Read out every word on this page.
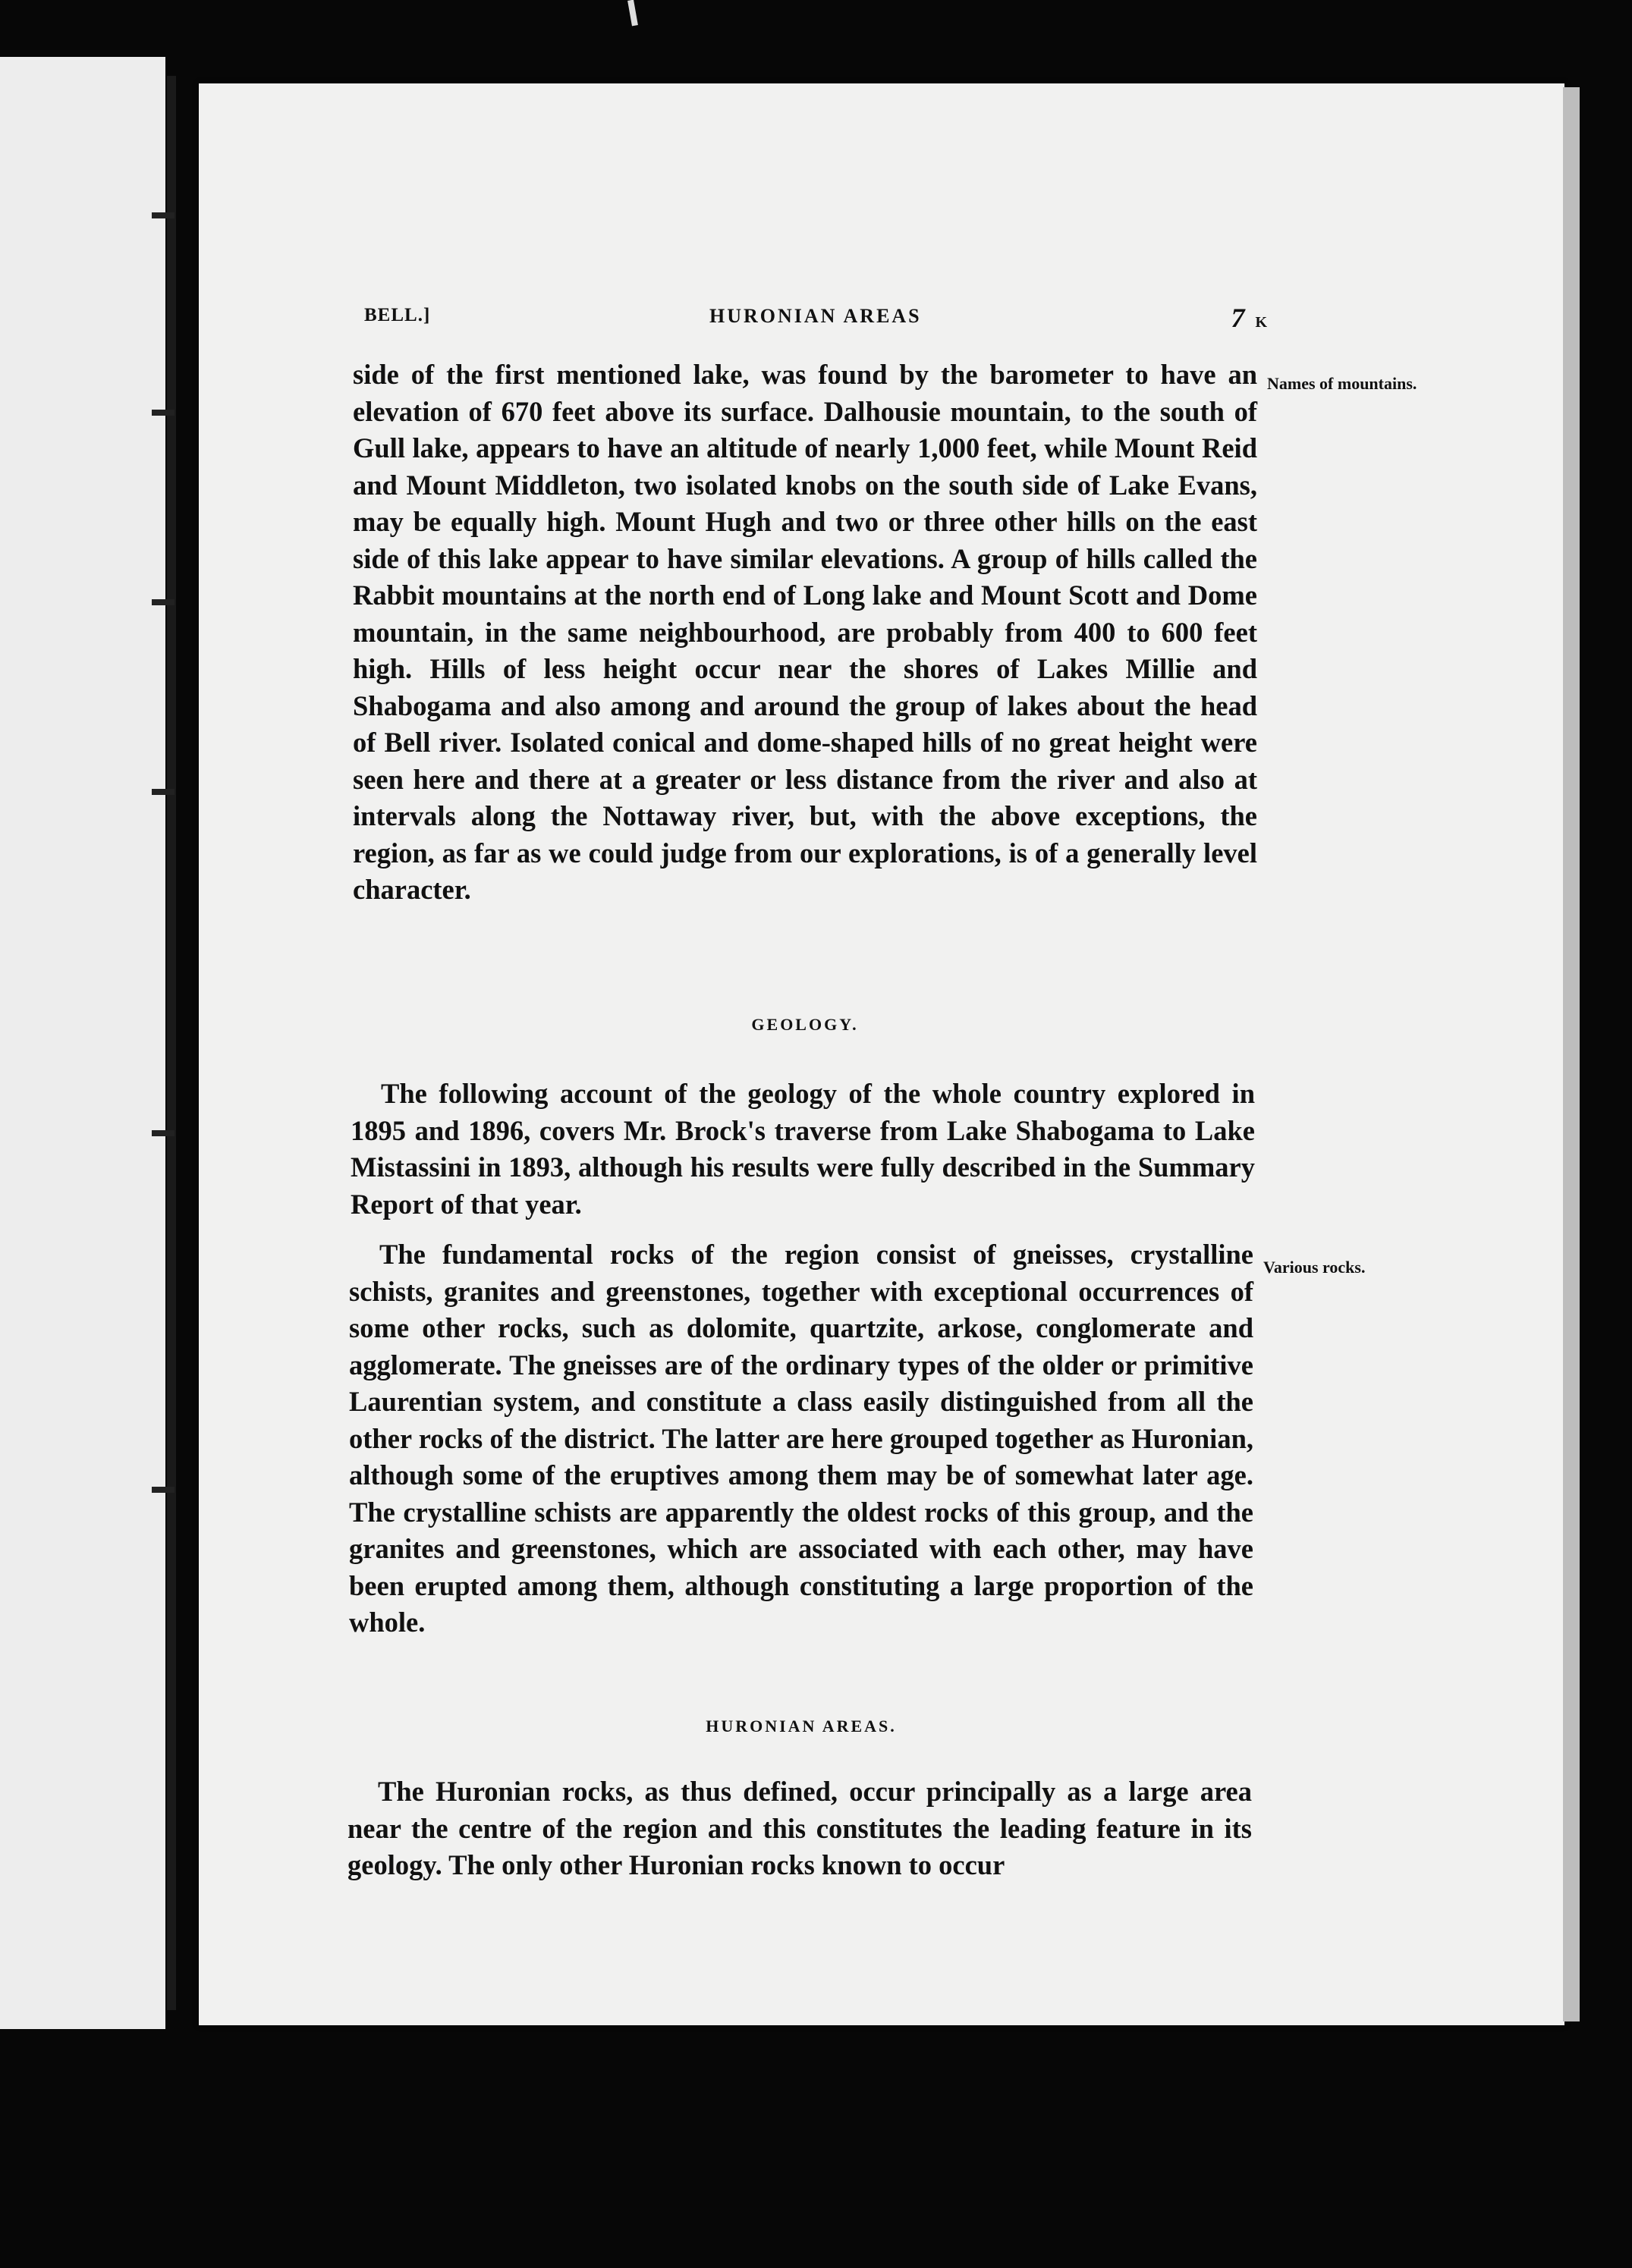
BELL.]	HURONIAN AREAS	7 K
Names of mountains.
Various rocks.

side of the first mentioned lake, was found by the barometer to have an elevation of 670 feet above its surface. Dalhousie mountain, to the south of Gull lake, appears to have an altitude of nearly 1,000 feet, while Mount Reid and Mount Middleton, two isolated knobs on the south side of Lake Evans, may be equally high. Mount Hugh and two or three other hills on the east side of this lake appear to have similar elevations. A group of hills called the Rabbit mountains at the north end of Long lake and Mount Scott and Dome mountain, in the same neighbourhood, are probably from 400 to 600 feet high. Hills of less height occur near the shores of Lakes Millie and Shabogama and also among and around the group of lakes about the head of Bell river. Isolated conical and dome-shaped hills of no great height were seen here and there at a greater or less distance from the river and also at intervals along the Nottaway river, but, with the above exceptions, the region, as far as we could judge from our explorations, is of a generally level character.

GEOLOGY.

The following account of the geology of the whole country explored in 1895 and 1896, covers Mr. Brock's traverse from Lake Shabogama to Lake Mistassini in 1893, although his results were fully described in the Summary Report of that year.

The fundamental rocks of the region consist of gneisses, crystalline schists, granites and greenstones, together with exceptional occurrences of some other rocks, such as dolomite, quartzite, arkose, conglomerate and agglomerate. The gneisses are of the ordinary types of the older or primitive Laurentian system, and constitute a class easily distinguished from all the other rocks of the district. The latter are here grouped together as Huronian, although some of the eruptives among them may be of somewhat later age. The crystalline schists are apparently the oldest rocks of this group, and the granites and greenstones, which are associated with each other, may have been erupted among them, although constituting a large proportion of the whole.

HURONIAN AREAS.

The Huronian rocks, as thus defined, occur principally as a large area near the centre of the region and this constitutes the leading feature in its geology. The only other Huronian rocks known to occur
